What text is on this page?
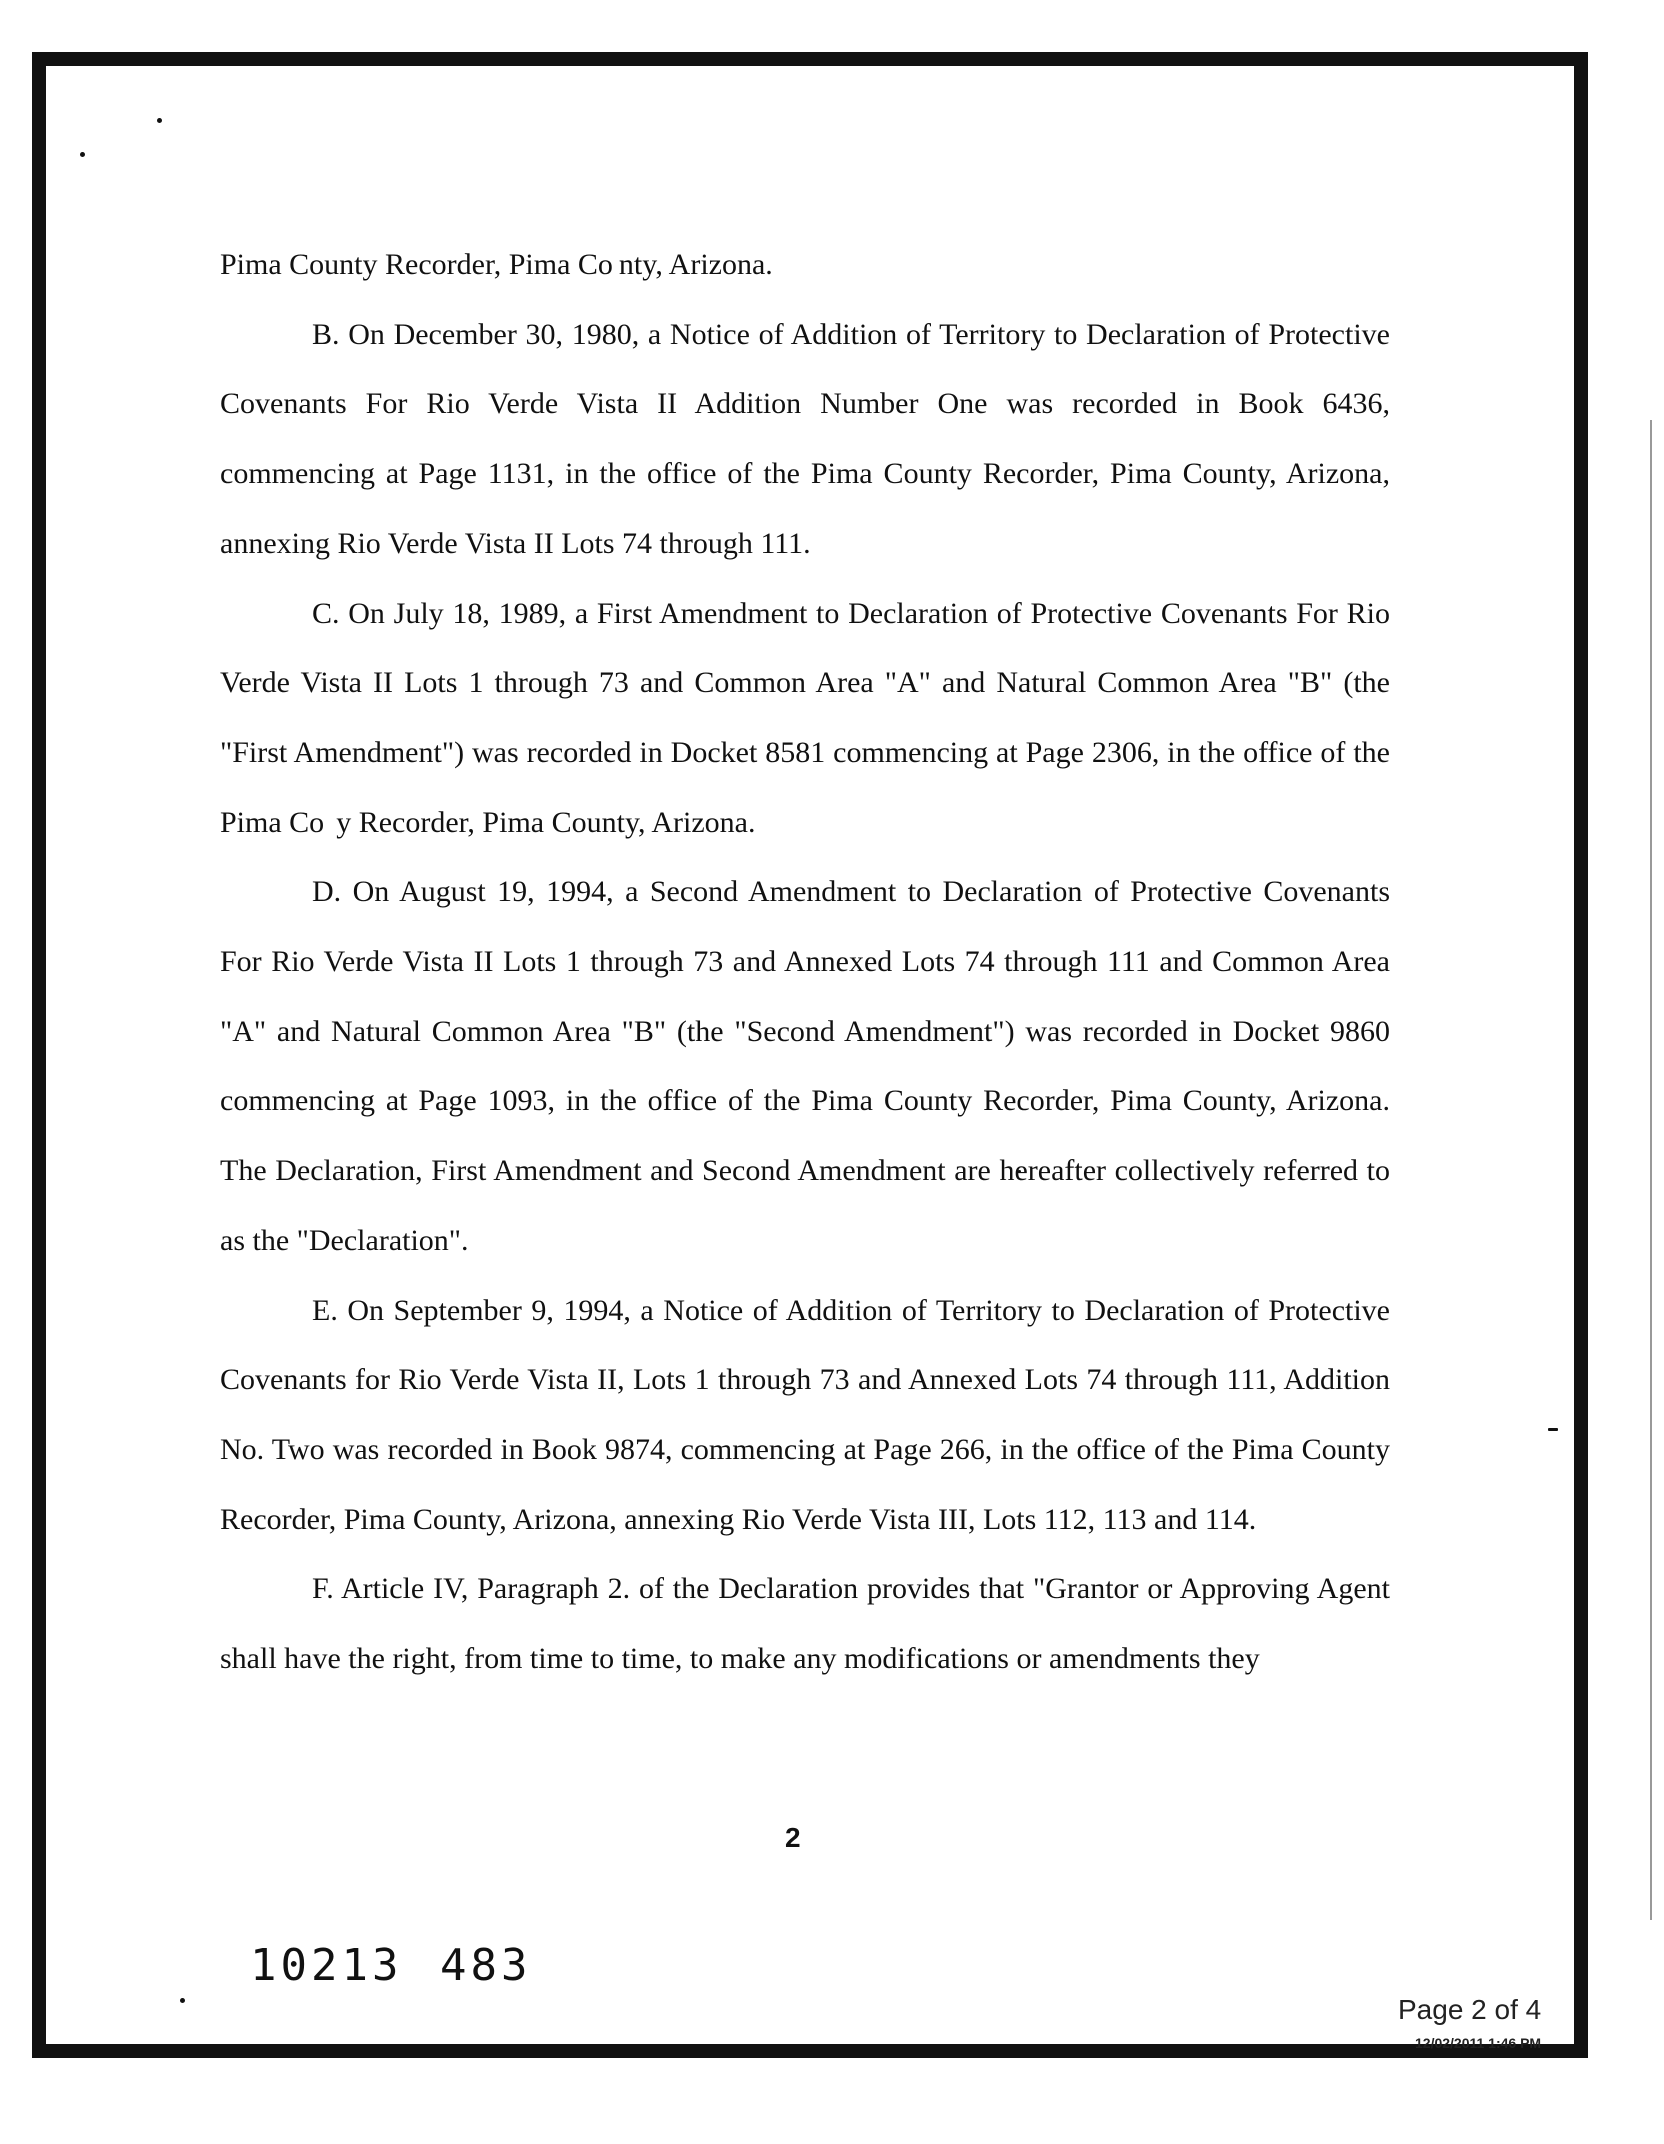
Pima County Recorder, Pima Co nty, Arizona.

B. On December 30, 1980, a Notice of Addition of Territory to Declaration of Protective Covenants For Rio Verde Vista II Addition Number One was recorded in Book 6436, commencing at Page 1131, in the office of the Pima County Recorder, Pima County, Arizona, annexing Rio Verde Vista II Lots 74 through 111.

C. On July 18, 1989, a First Amendment to Declaration of Protective Covenants For Rio Verde Vista II Lots 1 through 73 and Common Area "A" and Natural Common Area "B" (the "First Amendment") was recorded in Docket 8581 commencing at Page 2306, in the office of the Pima Co  y Recorder, Pima County, Arizona.

D. On August 19, 1994, a Second Amendment to Declaration of Protective Covenants For Rio Verde Vista II Lots 1 through 73 and Annexed Lots 74 through 111 and Common Area "A" and Natural Common Area "B" (the "Second Amendment") was recorded in Docket 9860 commencing at Page 1093, in the office of the Pima County Recorder, Pima County, Arizona. The Declaration, First Amendment and Second Amendment are hereafter collectively referred to as the "Declaration".

E. On September 9, 1994, a Notice of Addition of Territory to Declaration of Protective Covenants for Rio Verde Vista II, Lots 1 through 73 and Annexed Lots 74 through 111, Addition No. Two was recorded in Book 9874, commencing at Page 266, in the office of the Pima County Recorder, Pima County, Arizona, annexing Rio Verde Vista III, Lots 112, 113 and 114.

F. Article IV, Paragraph 2. of the Declaration provides that "Grantor or Approving Agent shall have the right, from time to time, to make any modifications or amendments they

2
10213 483
Page 2 of 4
12/02/2011 1:46 PM
